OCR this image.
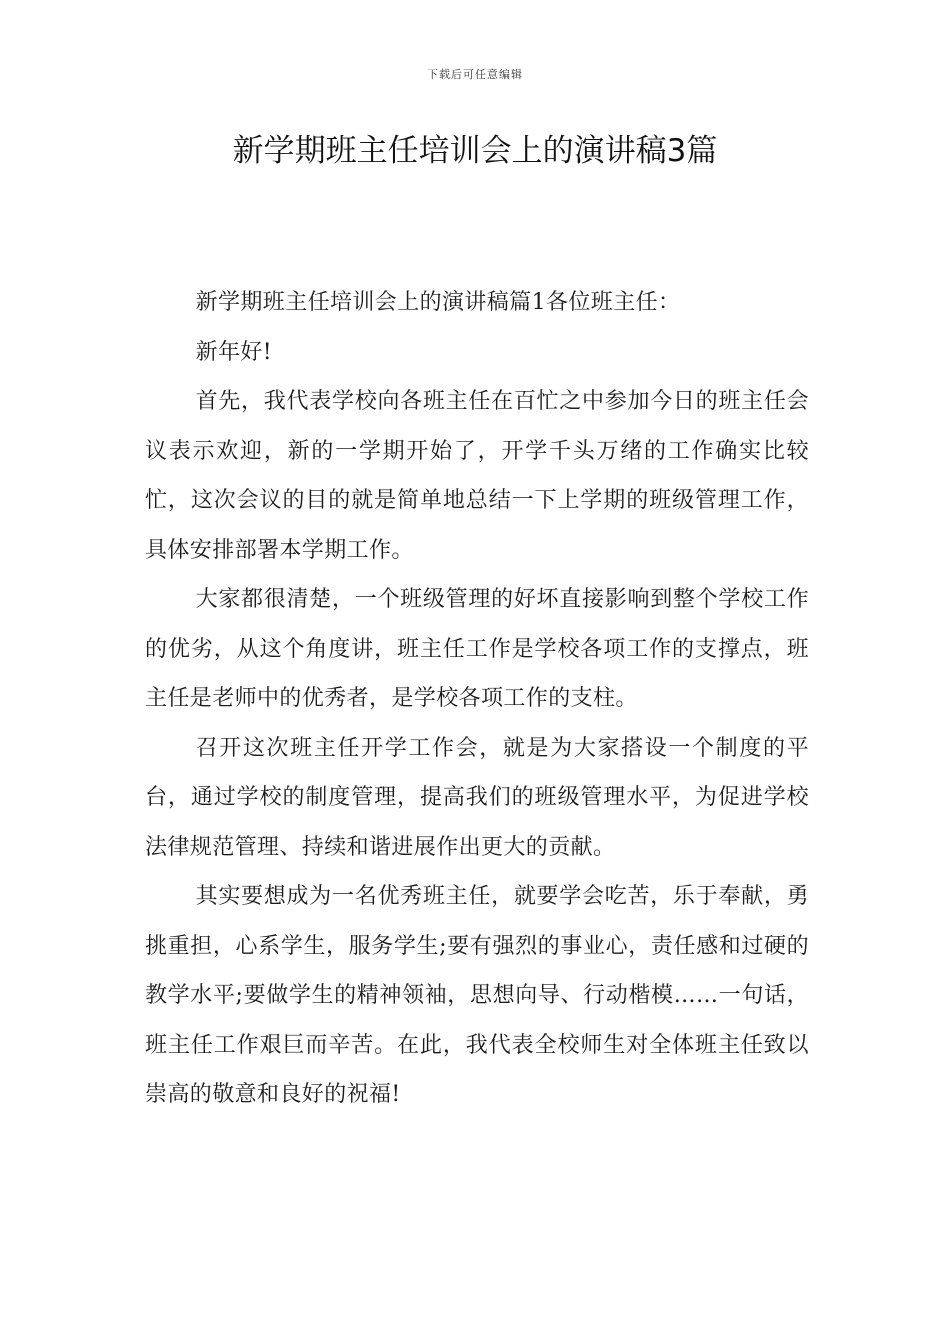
下载后可任意编辑
新学期班主任培训会上的演讲稿3篇

新学期班主任培训会上的演讲稿篇1各位班主任：

新年好!

首先，我代表学校向各班主任在百忙之中参加今日的班主任会议表示欢迎，新的一学期开始了，开学千头万绪的工作确实比较忙，这次会议的目的就是简单地总结一下上学期的班级管理工作，具体安排部署本学期工作。

大家都很清楚，一个班级管理的好坏直接影响到整个学校工作的优劣，从这个角度讲，班主任工作是学校各项工作的支撑点，班主任是老师中的优秀者，是学校各项工作的支柱。

召开这次班主任开学工作会，就是为大家搭设一个制度的平台，通过学校的制度管理，提高我们的班级管理水平，为促进学校法律规范管理、持续和谐进展作出更大的贡献。

其实要想成为一名优秀班主任，就要学会吃苦，乐于奉献，勇挑重担，心系学生，服务学生;要有强烈的事业心，责任感和过硬的教学水平;要做学生的精神领袖，思想向导、行动楷模……一句话，班主任工作艰巨而辛苦。在此，我代表全校师生对全体班主任致以崇高的敬意和良好的祝福!
